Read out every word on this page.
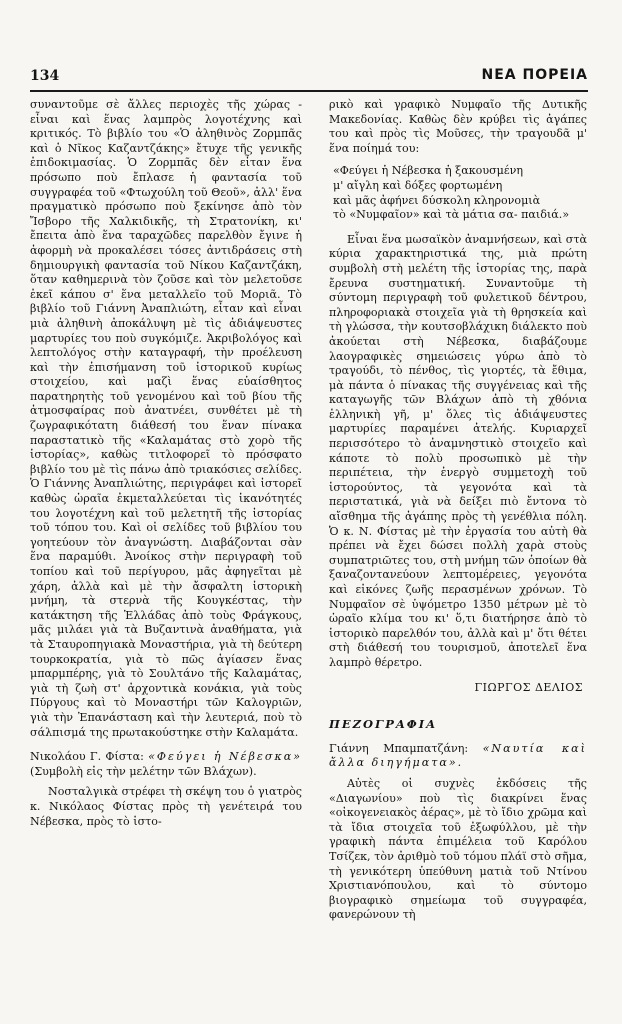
134	ΝΕΑ ΠΟΡΕΙΑ

συναντοῦμε σὲ ἄλλες περιοχὲς τῆς χώρας - εἶναι καὶ ἕνας λαμπρὸς λογοτέχνης καὶ κριτικός. Τὸ βιβλίο του «Ὁ ἀληθινὸς Ζορμπᾶς καὶ ὁ Νῖκος Καζαντζάκης» ἔτυχε τῆς γενικῆς ἐπιδοκιμασίας. Ὁ Ζορμπᾶς δὲν εἶταν ἕνα πρόσωπο ποὺ ἔπλασε ἡ φαντασία τοῦ συγγραφέα τοῦ «Φτωχούλη τοῦ Θεοῦ», ἀλλ' ἕνα πραγματικὸ πρόσωπο ποὺ ξεκίνησε ἀπὸ τὸν Ἴσβορο τῆς Χαλκιδικῆς, τὴ Στρατονίκη, κι' ἔπειτα ἀπὸ ἕνα ταραχῶδες παρελθὸν ἔγινε ἡ ἀφορμὴ νὰ προκαλέσει τόσες ἀντιδράσεις στὴ δημιουργικὴ φαντασία τοῦ Νίκου Καζαντζάκη, ὅταν καθημερινὰ τὸν ζοῦσε καὶ τὸν μελετοῦσε ἐκεῖ κάπου σ' ἕνα μεταλλεῖο τοῦ Μοριᾶ. Τὸ βιβλίο τοῦ Γιάννη Ἀναπλιώτη, εἶταν καὶ εἶναι μιὰ ἀληθινὴ ἀποκάλυψη μὲ τὶς ἀδιάψευστες μαρτυρίες του ποὺ συγκόμιζε. Ἀκριβολόγος καὶ λεπτολόγος στὴν καταγραφή, τὴν προέλευση καὶ τὴν ἐπισήμανση τοῦ ἱστορικοῦ κυρίως στοιχείου, καὶ μαζὶ ἕνας εὐαίσθητος παρατηρητὴς τοῦ γενομένου καὶ τοῦ βίου τῆς ἀτμοσφαίρας ποὺ ἀνατνέει, συνθέτει μὲ τὴ ζωγραφικότατη διάθεσή του ἕναν πίνακα παραστατικὸ τῆς «Καλαμάτας στὸ χορὸ τῆς ἱστορίας», καθὼς τιτλοφορεῖ τὸ πρόσφατο βιβλίο του μὲ τὶς πάνω ἀπὸ τριακόσιες σελίδες. Ὁ Γιάννης Ἀναπλιώτης, περιγράφει καὶ ἱστορεῖ καθὼς ὡραῖα ἐκμεταλλεύεται τὶς ἱκανότητές του λογοτέχνη καὶ τοῦ μελετητῆ τῆς ἱστορίας τοῦ τόπου του. Καὶ οἱ σελίδες τοῦ βιβλίου του γοητεύουν τὸν ἀναγνώστη. Διαβάζονται σὰν ἕνα παραμύθι. Ἀνοίκος στὴν περιγραφὴ τοῦ τοπίου καὶ τοῦ περίγυρου, μᾶς ἀφηγεῖται μὲ χάρη, ἀλλὰ καὶ μὲ τὴν ἄσφαλτη ἱστορικὴ μνήμη, τὰ στερνὰ τῆς Κουγκέστας, τὴν κατάκτηση τῆς Ἑλλάδας ἀπὸ τοὺς Φράγκους, μᾶς μιλάει γιὰ τὰ Βυζαντινὰ ἀναθήματα, γιὰ τὰ Σταυροπηγιακὰ Μοναστήρια, γιὰ τὴ δεύτερη τουρκοκρατία, γιὰ τὸ πῶς ἁγίασεν ἕνας μπαρμπέρης, γιὰ τὸ Σουλτάνο τῆς Καλαμάτας, γιὰ τὴ ζωὴ στ' ἀρχοντικὰ κονάκια, γιὰ τοὺς Πύργους καὶ τὸ Μοναστήρι τῶν Καλογριῶν, γιὰ τὴν Ἐπανάσταση καὶ τὴν λευτεριά, ποὺ τὸ σάλπισμά της πρωτακούστηκε στὴν Καλαμάτα.

Νικολάου Γ. Φίστα: «Φεύγει ἡ Νέβεσκα» (Συμβολὴ εἰς τὴν μελέτην τῶν Βλάχων).

Νοσταλγικὰ στρέφει τὴ σκέψη του ὁ γιατρὸς κ. Νικόλαος Φίστας πρὸς τὴ γενέτειρά του Νέβεσκα, πρὸς τὸ ἱστο-

ρικὸ καὶ γραφικὸ Νυμφαῖο τῆς Δυτικῆς Μακεδονίας. Καθὼς δὲν κρύβει τὶς ἀγάπες του καὶ πρὸς τὶς Μοῦσες, τὴν τραγουδᾶ μ' ἕνα ποίημά του:

«Φεύγει ἡ Νέβεσκα ἡ ξακουσμένη
μ' αἴγλη καὶ δόξες φορτωμένη
καὶ μᾶς ἀφήνει δύσκολη κληρονομιὰ
τὸ «Νυμφαῖον» καὶ τὰ μάτια σα- παιδιά.»

Εἶναι ἕνα μωσαϊκὸν ἀναμνήσεων, καὶ στὰ κύρια χαρακτηριστικά της, μιὰ πρώτη συμβολὴ στὴ μελέτη τῆς ἱστορίας της, παρὰ ἔρευνα συστηματική. Συναντοῦμε τὴ σύντομη περιγραφὴ τοῦ φυλετικοῦ δέντρου, πληροφοριακὰ στοιχεῖα γιὰ τὴ θρησκεία καὶ τὴ γλώσσα, τὴν κουτσοβλάχικη διάλεκτο ποὺ ἀκούεται στὴ Νέβεσκα, διαβάζουμε λαογραφικὲς σημειώσεις γύρω ἀπὸ τὸ τραγούδι, τὸ πένθος, τὶς γιορτές, τὰ ἔθιμα, μὰ πάντα ὁ πίνακας τῆς συγγένειας καὶ τῆς καταγωγῆς τῶν Βλάχων ἀπὸ τὴ χθόνια ἑλληνικὴ γῆ, μ' ὅλες τὶς ἀδιάψευστες μαρτυρίες παραμένει ἀτελής. Κυριαρχεῖ περισσότερο τὸ ἀναμνηστικὸ στοιχεῖο καὶ κάποτε τὸ πολὺ προσωπικὸ μὲ τὴν περιπέτεια, τὴν ἐνεργὸ συμμετοχὴ τοῦ ἱστορούντος, τὰ γεγονότα καὶ τὰ περιστατικά, γιὰ νὰ δείξει πιὸ ἔντονα τὸ αἴσθημα τῆς ἀγάπης πρὸς τὴ γενέθλια πόλη. Ὁ κ. Ν. Φίστας μὲ τὴν ἐργασία του αὐτὴ θὰ πρέπει νὰ ἔχει δώσει πολλὴ χαρὰ στοὺς συμπατριῶτες του, στὴ μνήμη τῶν ὁποίων θὰ ξαναζοντανεύουν λεπτομέρειες, γεγονότα καὶ εἰκόνες ζωῆς περασμένων χρόνων. Τὸ Νυμφαῖον σὲ ὑψόμετρο 1350 μέτρων μὲ τὸ ὡραῖο κλίμα του κι' ὅ,τι διατήρησε ἀπὸ τὸ ἱστορικὸ παρελθόν του, ἀλλὰ καὶ μ' ὅτι θέτει στὴ διάθεσή του τουρισμοῦ, ἀποτελεῖ ἕνα λαμπρὸ θέρετρο.

ΓΙΩΡΓΟΣ ΔΕΛΙΟΣ
ΠΕΖΟΓΡΑΦΙΑ

Γιάννη Μπαμπατζάνη: «Ναυτία καὶ ἄλλα διηγήματα».

Αὐτὲς οἱ συχνὲς ἐκδόσεις τῆς «Διαγωνίου» ποὺ τὶς διακρίνει ἕνας «οἰκογενειακὸς ἀέρας», μὲ τὸ ἴδιο χρῶμα καὶ τὰ ἴδια στοιχεῖα τοῦ ἐξωφύλλου, μὲ τὴν γραφικὴ πάντα ἐπιμέλεια τοῦ Καρόλου Τσίζεκ, τὸν ἀριθμὸ τοῦ τόμου πλάϊ στὸ σῆμα, τὴ γενικότερη ὑπεύθυνη ματιὰ τοῦ Ντίνου Χριστιανόπουλου, καὶ τὸ σύντομο βιογραφικὸ σημείωμα τοῦ συγγραφέα, φανερώνουν τὴ
